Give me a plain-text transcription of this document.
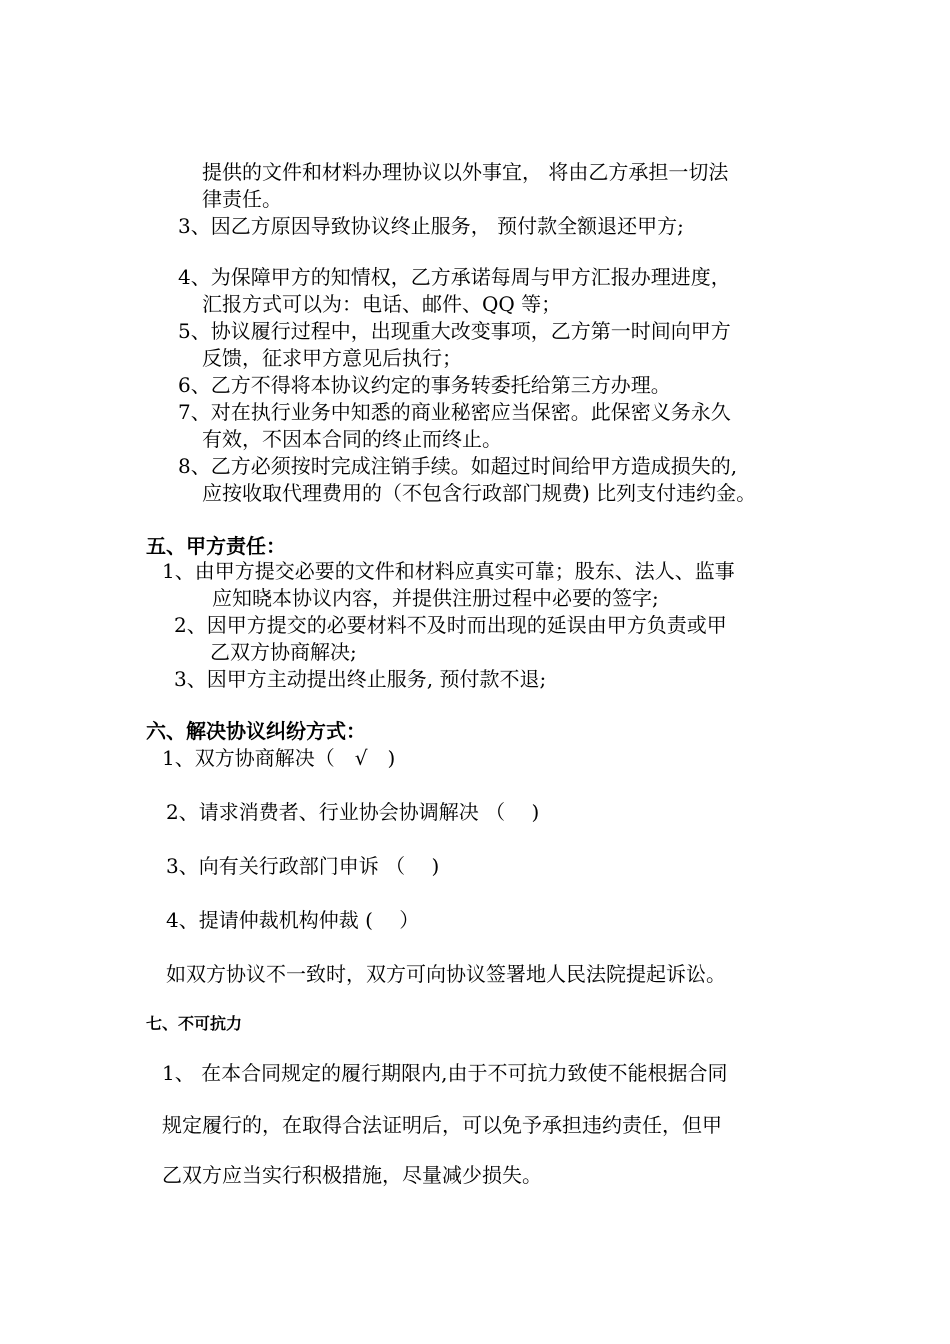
提供的文件和材料办理协议以外事宜， 将由乙方承担一切法
律责任。
3、因乙方原因导致协议终止服务， 预付款全额退还甲方;
4、为保障甲方的知情权，乙方承诺每周与甲方汇报办理进度，
汇报方式可以为：电话、邮件、QQ 等；
5、协议履行过程中，出现重大改变事项，乙方第一时间向甲方
反馈，征求甲方意见后执行；
6、乙方不得将本协议约定的事务转委托给第三方办理。
7、对在执行业务中知悉的商业秘密应当保密。此保密义务永久
有效，不因本合同的终止而终止。
8、乙方必须按时完成注销手续。如超过时间给甲方造成损失的,
应按收取代理费用的（不包含行政部门规费) 比列支付违约金。
五、甲方责任：
1、由甲方提交必要的文件和材料应真实可靠；股东、法人、监事
应知晓本协议内容，并提供注册过程中必要的签字;
2、因甲方提交的必要材料不及时而出现的延误由甲方负责或甲
乙双方协商解决;
3、因甲方主动提出终止服务, 预付款不退;
六、解决协议纠纷方式：
1、双方协商解决（　√　)
2、请求消费者、行业协会协调解决 （　 )
3、向有关行政部门申诉 （　 )
4、提请仲裁机构仲裁 (　 ）
如双方协议不一致时，双方可向协议签署地人民法院提起诉讼。
七、不可抗力
1、 在本合同规定的履行期限内,由于不可抗力致使不能根据合同
规定履行的，在取得合法证明后，可以免予承担违约责任，但甲
乙双方应当实行积极措施，尽量减少损失。
